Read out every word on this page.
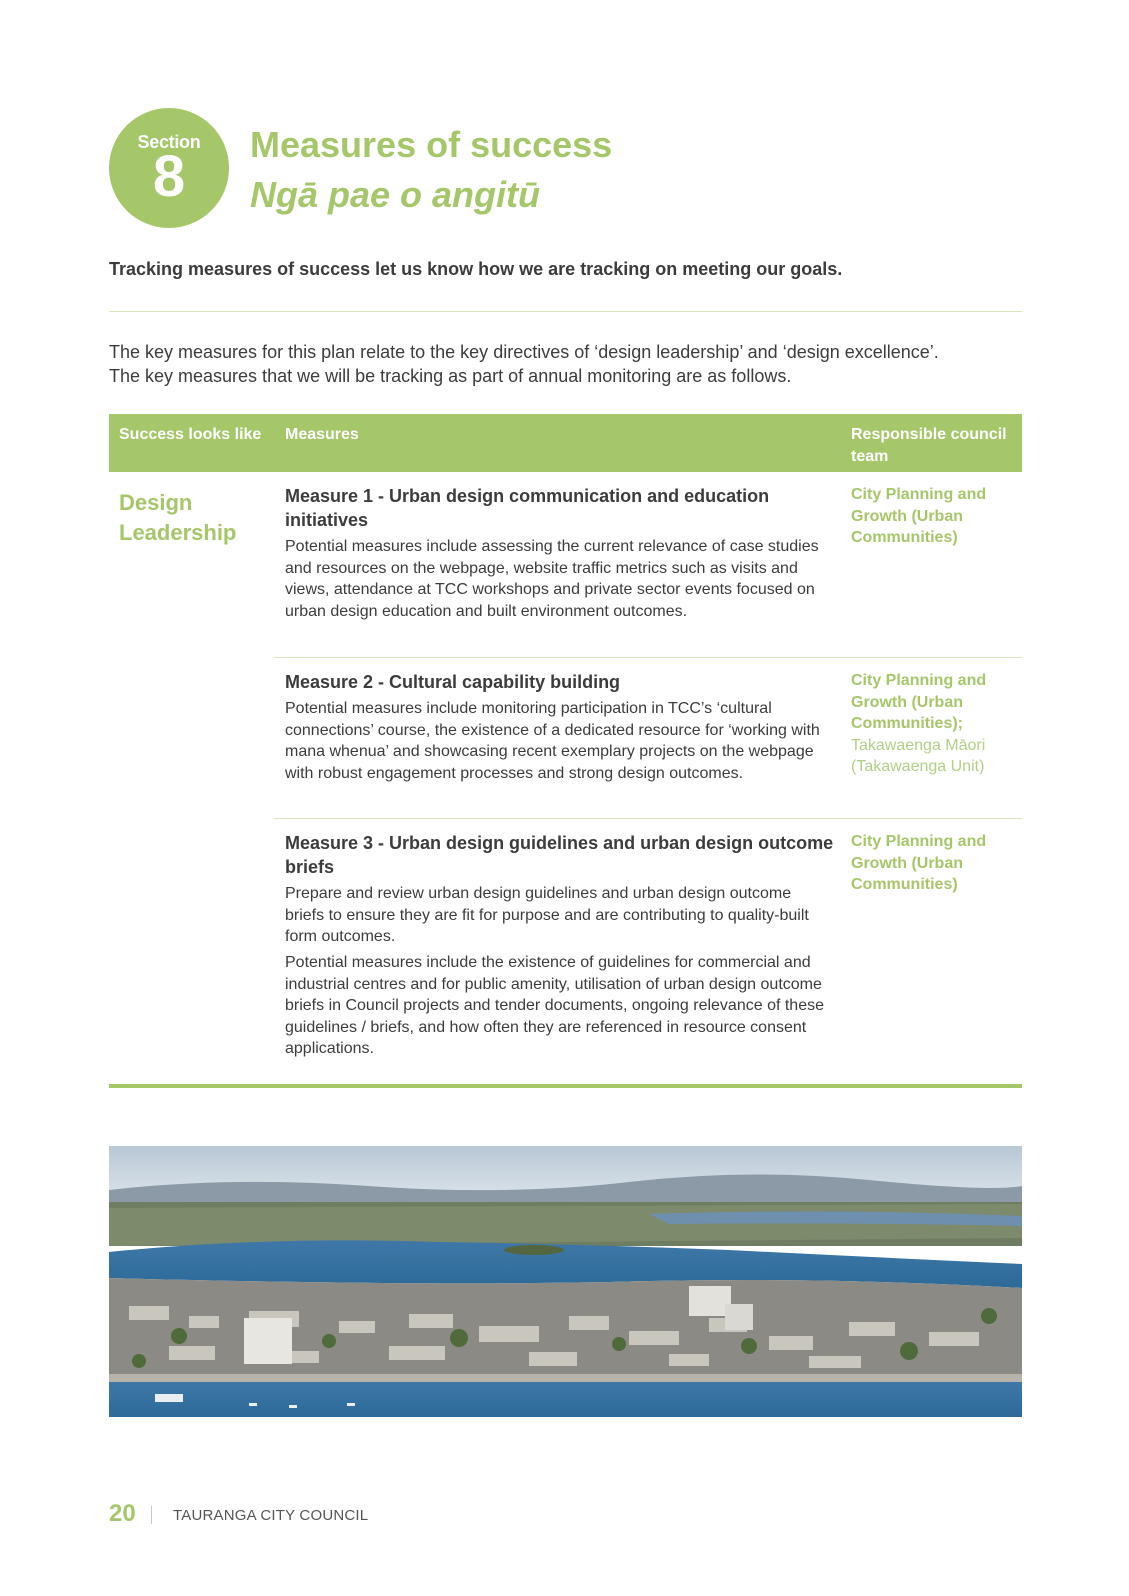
Section
8	Measures of success
Ngā pae o angitū
Tracking measures of success let us know how we are tracking on meeting our goals.

The key measures for this plan relate to the key directives of ‘design leadership’ and ‘design excellence’.

The key measures that we will be tracking as part of annual monitoring are as follows.

Success looks like Measures	Responsible council team
Design Leadership
Measure 1 - Urban design communication and education initiatives
Potential measures include assessing the current relevance of case studies and resources on the webpage, website traffic metrics such as visits and views, attendance at TCC workshops and private sector events focused on urban design education and built environment outcomes.
City Planning and Growth (Urban Communities)
Measure 2 - Cultural capability building
Potential measures include monitoring participation in TCC’s ‘cultural connections’ course, the existence of a dedicated resource for ‘working with mana whenua’ and showcasing recent exemplary projects on the webpage with robust engagement processes and strong design outcomes.
City Planning and Growth (Urban Communities); Takawaenga Māori (Takawaenga Unit)
Measure 3 - Urban design guidelines and urban design outcome briefs
Prepare and review urban design guidelines and urban design outcome briefs to ensure they are fit for purpose and are contributing to quality-built form outcomes.
Potential measures include the existence of guidelines for commercial and industrial centres and for public amenity, utilisation of urban design outcome briefs in Council projects and tender documents, ongoing relevance of these guidelines / briefs, and how often they are referenced in resource consent applications.
City Planning and Growth (Urban Communities)
20 TAURANGA CITY COUNCIL
